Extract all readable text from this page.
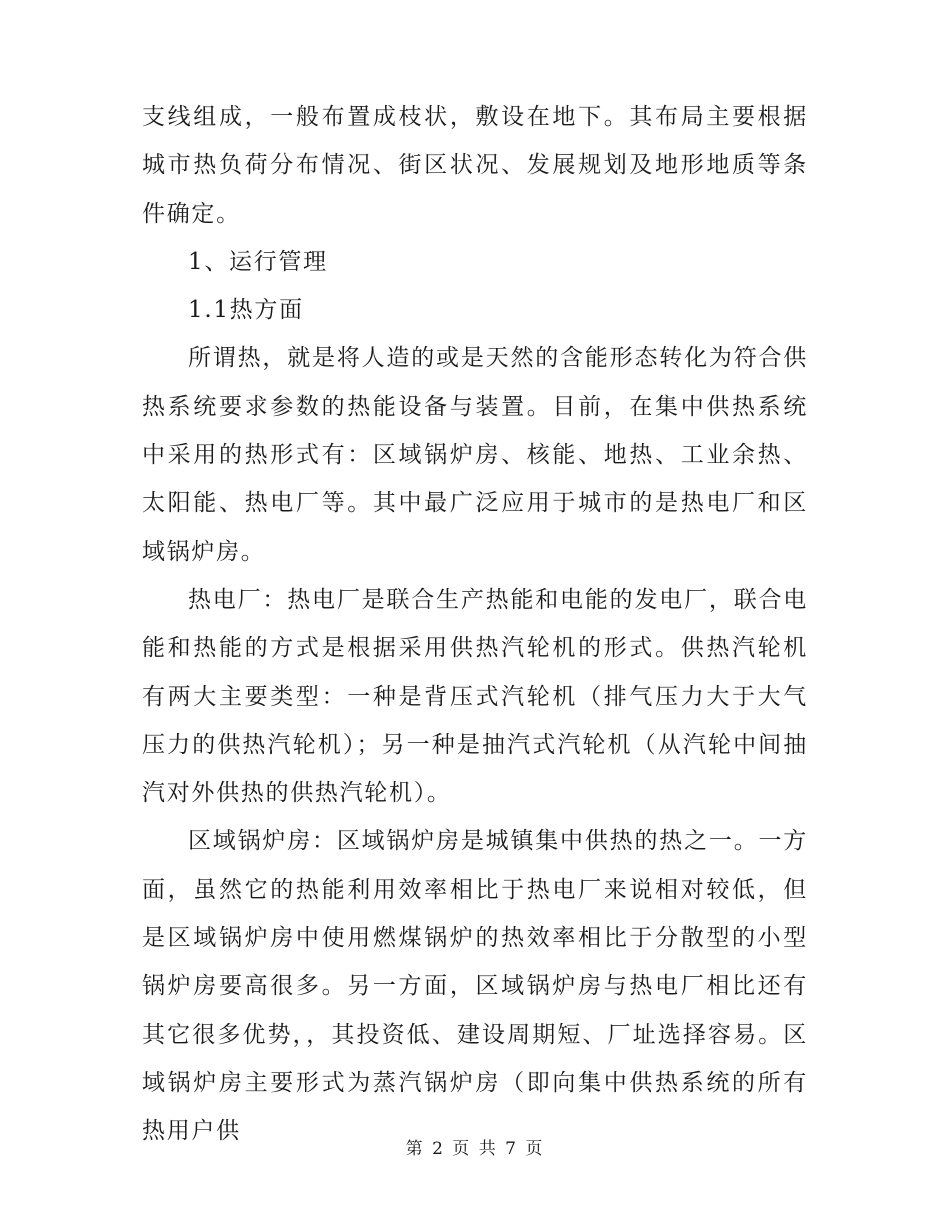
支线组成，一般布置成枝状，敷设在地下。其布局主要根据城市热负荷分布情况、街区状况、发展规划及地形地质等条件确定。

1、运行管理

1.1热方面

所谓热，就是将人造的或是天然的含能形态转化为符合供热系统要求参数的热能设备与装置。目前，在集中供热系统中采用的热形式有：区域锅炉房、核能、地热、工业余热、太阳能、热电厂等。其中最广泛应用于城市的是热电厂和区域锅炉房。

热电厂：热电厂是联合生产热能和电能的发电厂，联合电能和热能的方式是根据采用供热汽轮机的形式。供热汽轮机有两大主要类型：一种是背压式汽轮机（排气压力大于大气压力的供热汽轮机）；另一种是抽汽式汽轮机（从汽轮中间抽汽对外供热的供热汽轮机）。

区域锅炉房：区域锅炉房是城镇集中供热的热之一。一方面，虽然它的热能利用效率相比于热电厂来说相对较低，但是区域锅炉房中使用燃煤锅炉的热效率相比于分散型的小型锅炉房要高很多。另一方面，区域锅炉房与热电厂相比还有其它很多优势，，其投资低、建设周期短、厂址选择容易。区域锅炉房主要形式为蒸汽锅炉房（即向集中供热系统的所有热用户供

第 2 页 共 7 页
